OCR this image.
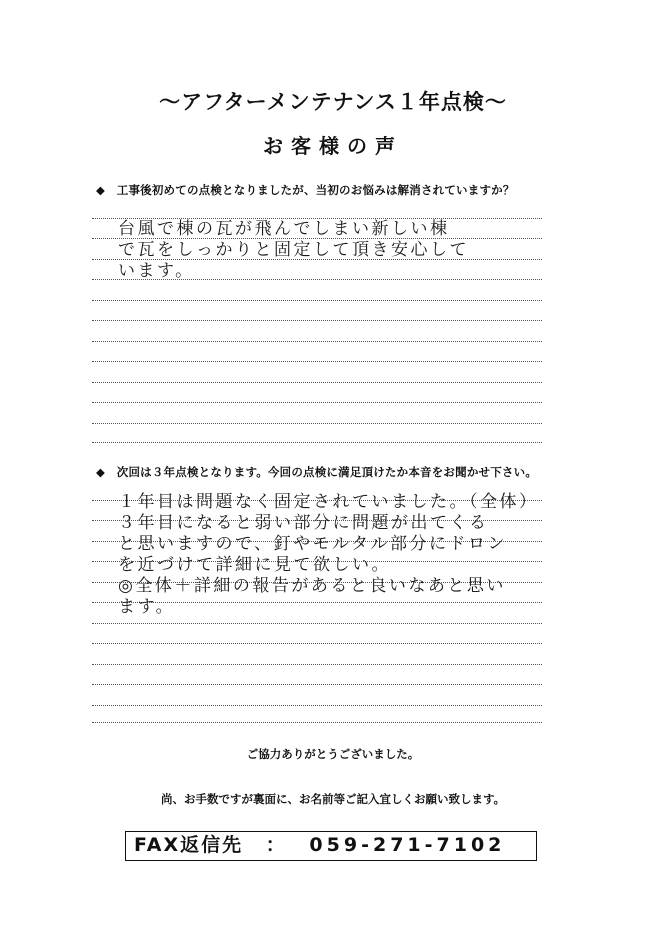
～アフターメンテナンス１年点検～
お客様の声
◆　工事後初めての点検となりましたが、当初のお悩みは解消されていますか？
台風で棟の瓦が飛んでしまい新しい棟
で瓦をしっかりと固定して頂き安心して
います。
◆　次回は３年点検となります。今回の点検に満足頂けたか本音をお聞かせ下さい。
１年目は問題なく固定されていました。（全体）
３年目になると弱い部分に問題が出てくる
と思いますので、釘やモルタル部分にドロン
を近づけて詳細に見て欲しい。
◎全体＋詳細の報告があると良いなあと思い
ます。
ご協力ありがとうございました。
尚、お手数ですが裏面に、お名前等ご記入宜しくお願い致します。
FAX返信先 ： 059-271-7102
